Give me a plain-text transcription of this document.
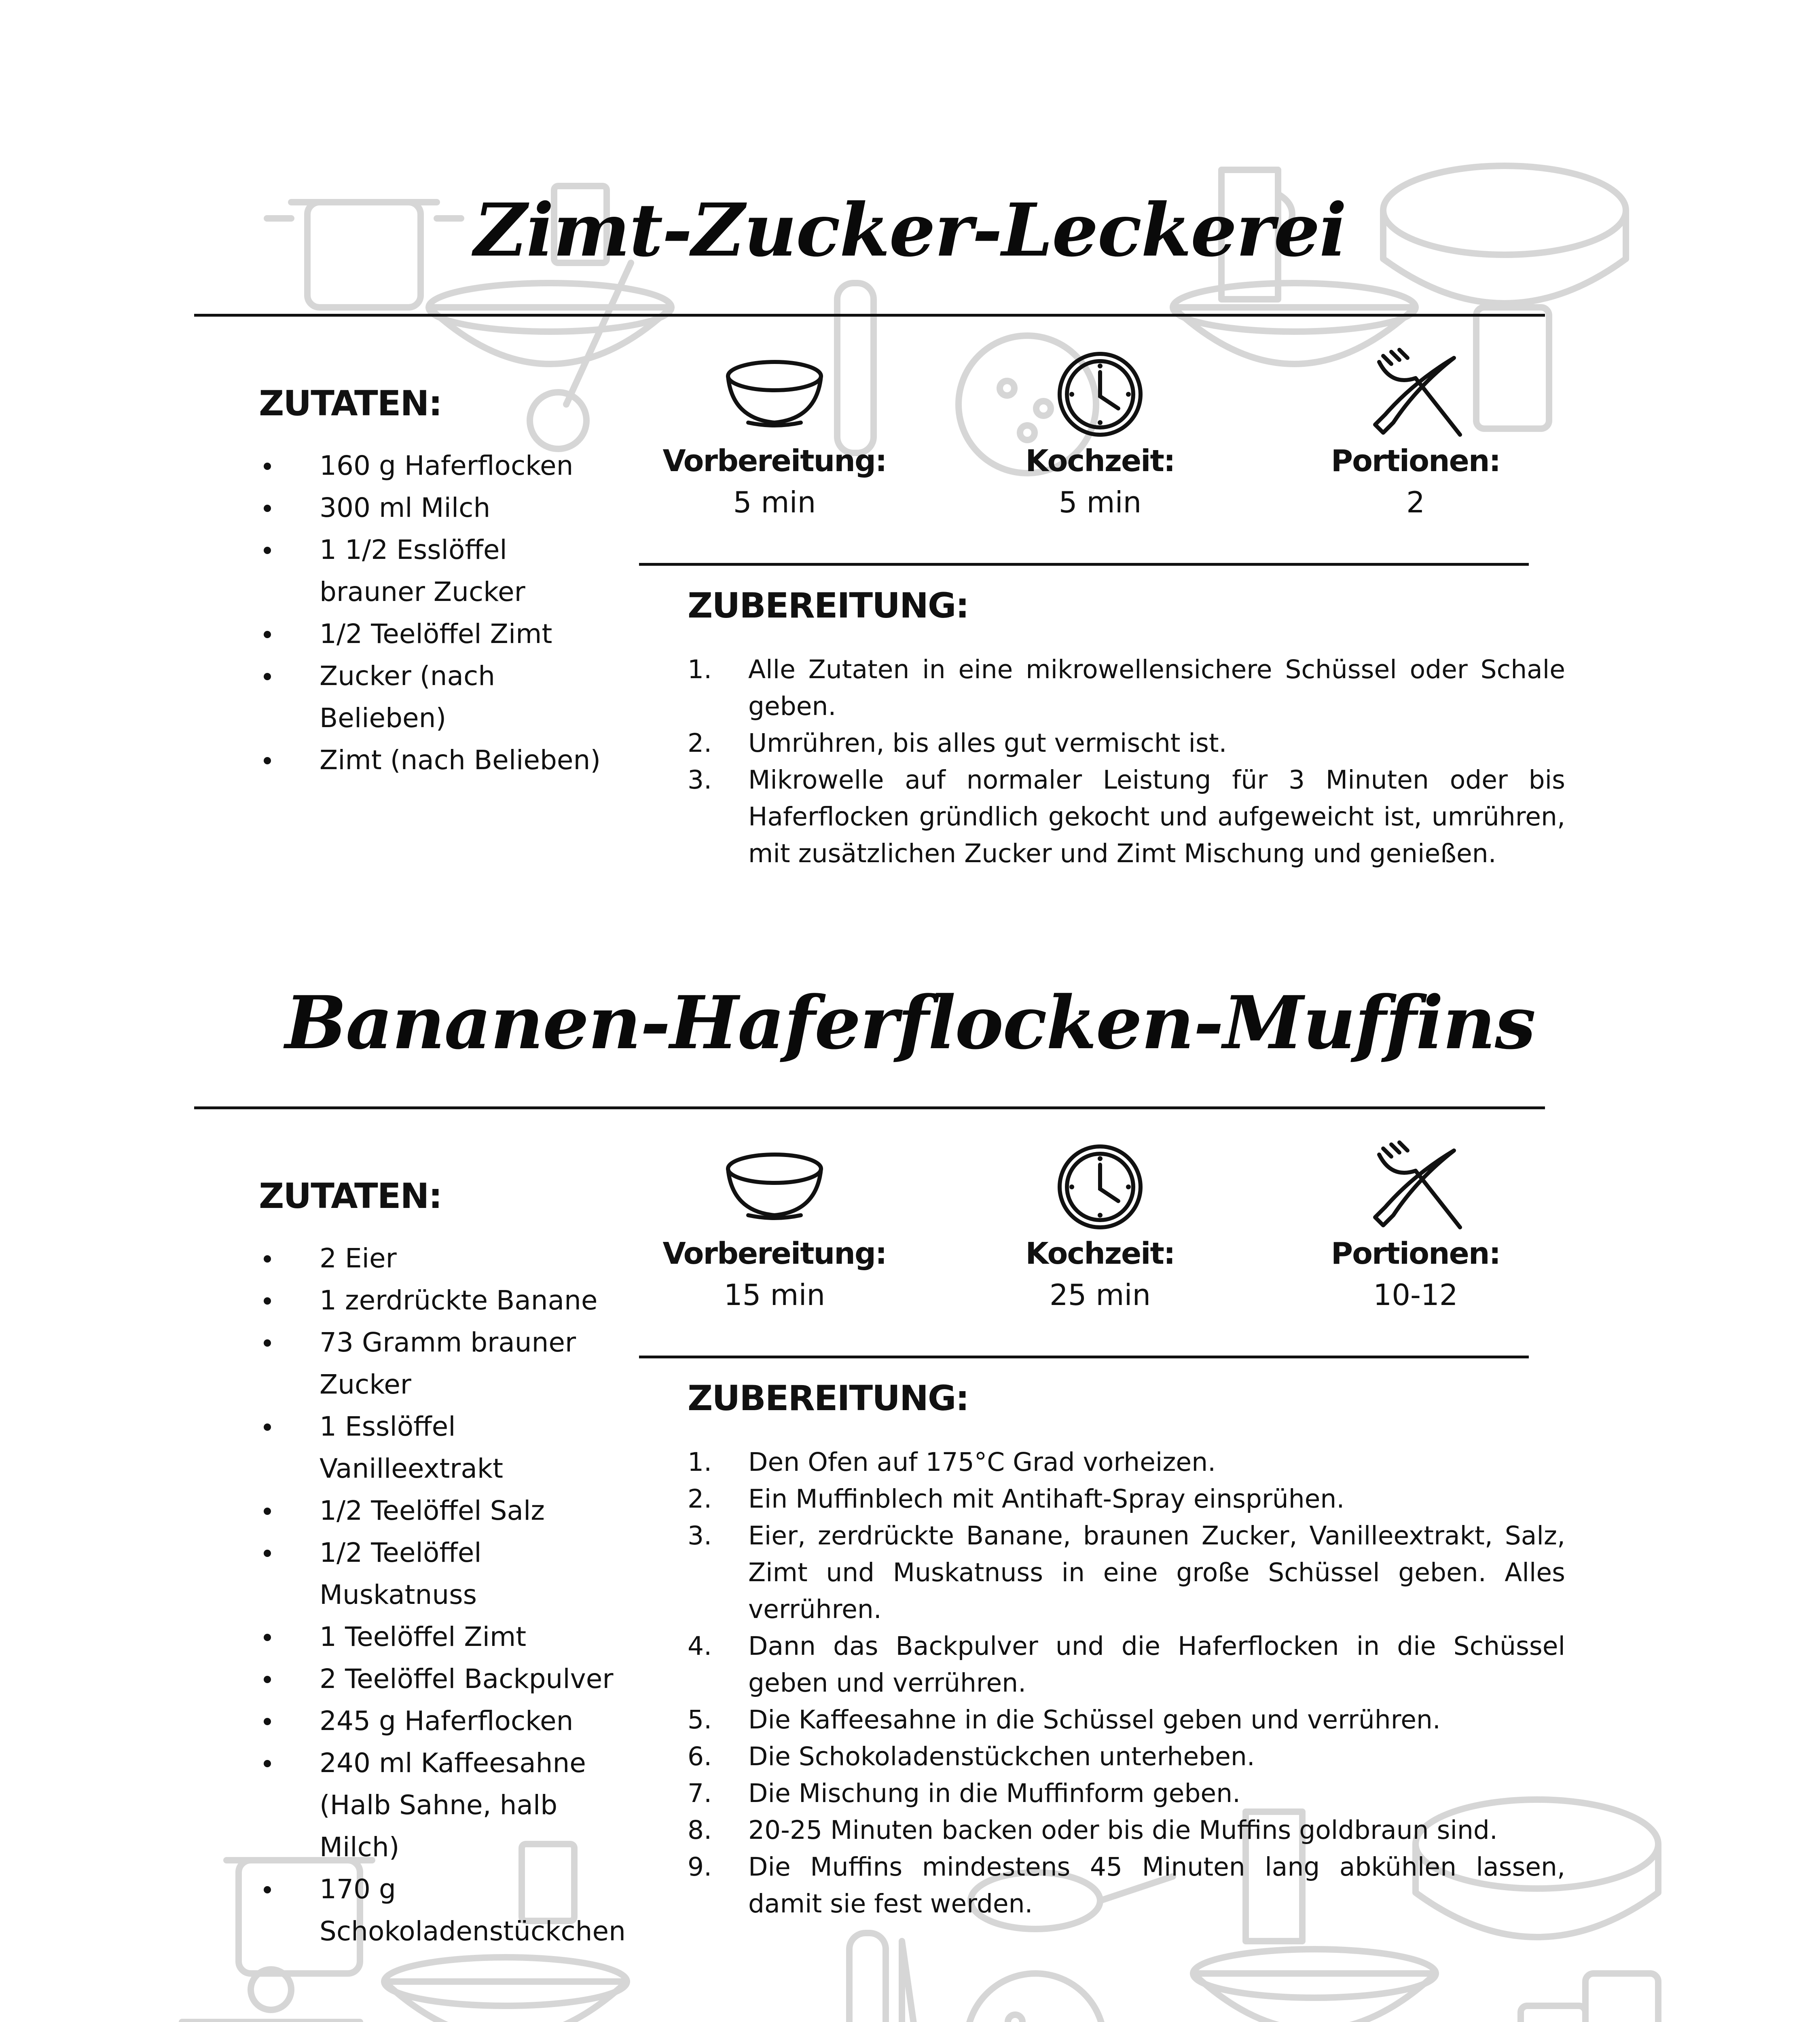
Zimt-Zucker-Leckerei
ZUTATEN:
160 g Haferflocken
300 ml Milch
1 1/2 Esslöffel brauner Zucker
1/2 Teelöffel Zimt
Zucker (nach Belieben)
Zimt (nach Belieben)
Vorbereitung:
5 min
Kochzeit:
5 min
Portionen:
2
ZUBEREITUNG:
1. Alle Zutaten in eine mikrowellensichere Schüssel oder Schale geben.
2. Umrühren, bis alles gut vermischt ist.
3. Mikrowelle auf normaler Leistung für 3 Minuten oder bis Haferflocken gründlich gekocht und aufgeweicht ist, umrühren, mit zusätzlichen Zucker und Zimt Mischung und genießen.
Bananen-Haferflocken-Muffins
ZUTATEN:
2 Eier
1 zerdrückte Banane
73 Gramm brauner Zucker
1 Esslöffel Vanilleextrakt
1/2 Teelöffel Salz
1/2 Teelöffel Muskatnuss
1 Teelöffel Zimt
2 Teelöffel Backpulver
245 g Haferflocken
240 ml Kaffeesahne (Halb Sahne, halb Milch)
170 g Schokoladenstückchen
Vorbereitung:
15 min
Kochzeit:
25 min
Portionen:
10-12
ZUBEREITUNG:
1. Den Ofen auf 175°C Grad vorheizen.
2. Ein Muffinblech mit Antihaft-Spray einsprühen.
3. Eier, zerdrückte Banane, braunen Zucker, Vanilleextrakt, Salz, Zimt und Muskatnuss in eine große Schüssel geben. Alles verrühren.
4. Dann das Backpulver und die Haferflocken in die Schüssel geben und verrühren.
5. Die Kaffeesahne in die Schüssel geben und verrühren.
6. Die Schokoladenstückchen unterheben.
7. Die Mischung in die Muffinform geben.
8. 20-25 Minuten backen oder bis die Muffins goldbraun sind.
9. Die Muffins mindestens 45 Minuten lang abkühlen lassen, damit sie fest werden.
